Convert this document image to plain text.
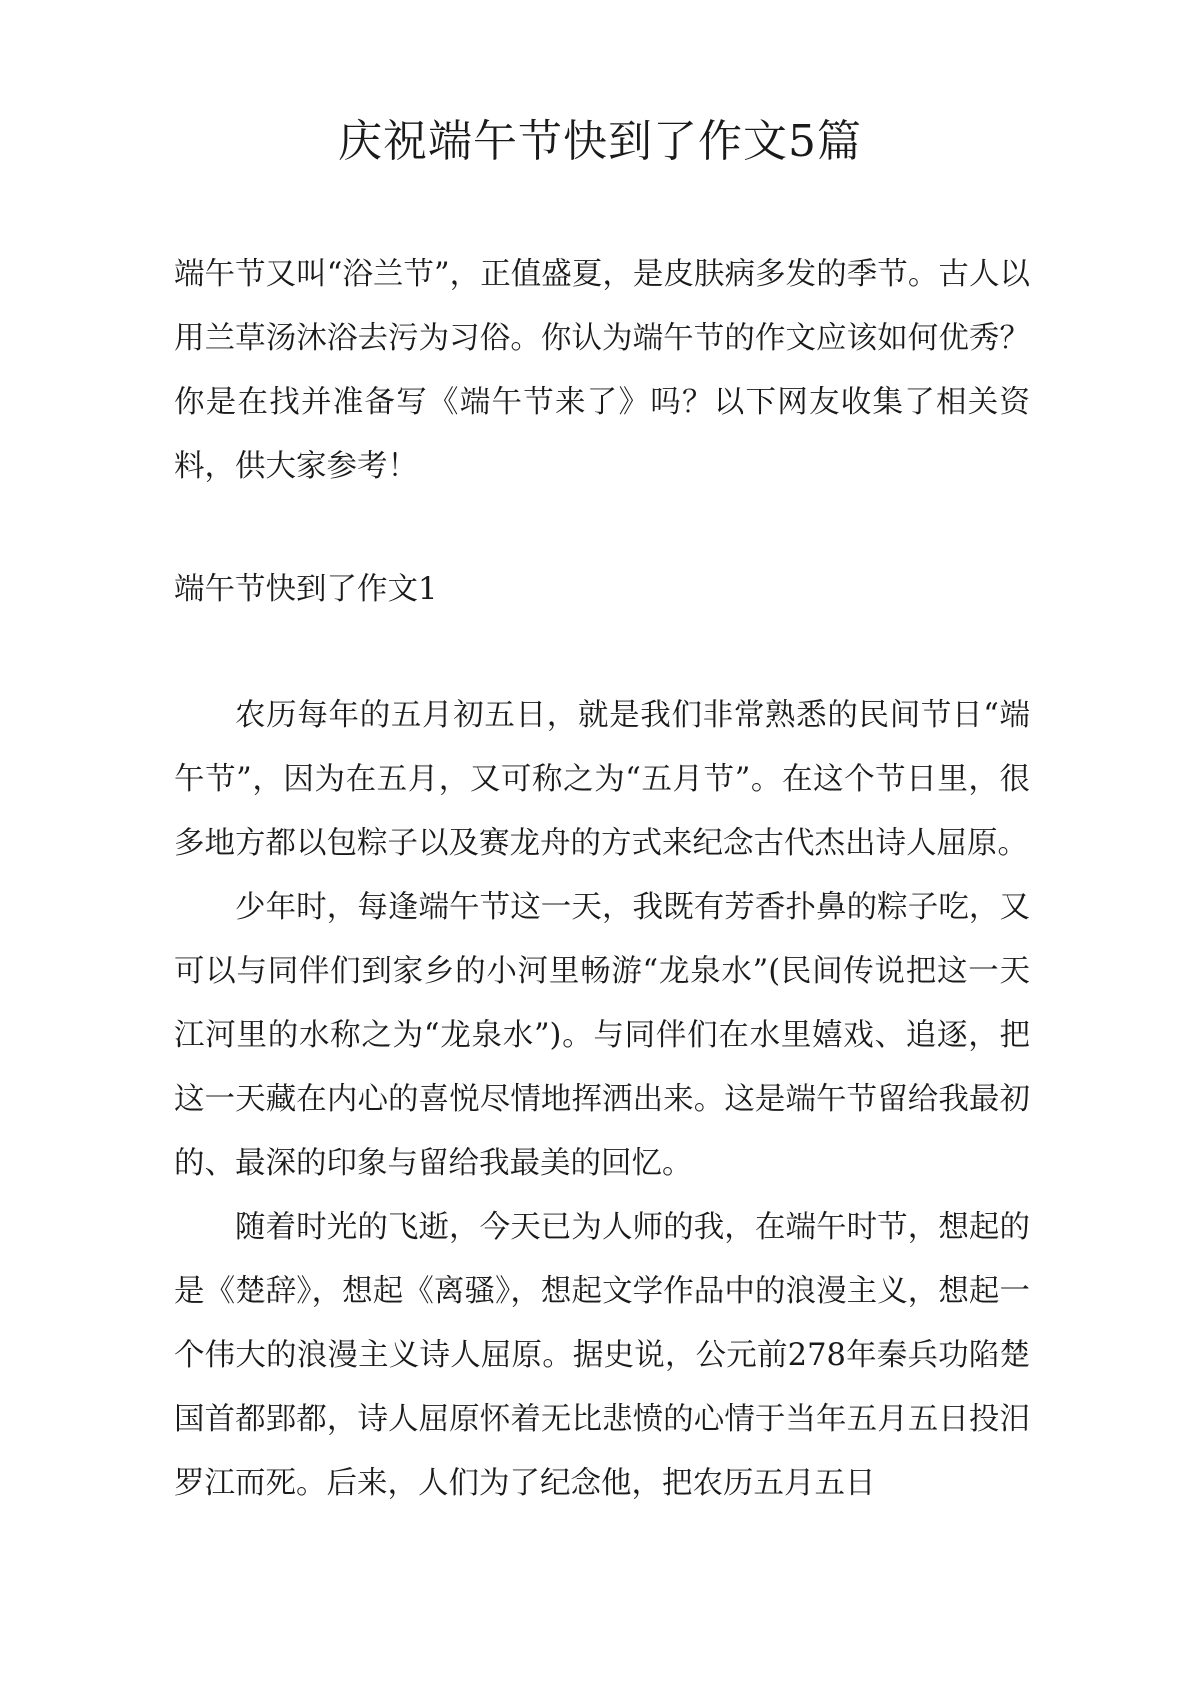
庆祝端午节快到了作文5篇

端午节又叫“浴兰节”，正值盛夏，是皮肤病多发的季节。古人以用兰草汤沐浴去污为习俗。你认为端午节的作文应该如何优秀？你是在找并准备写《端午节来了》吗？以下网友收集了相关资料，供大家参考！

端午节快到了作文1

农历每年的五月初五日，就是我们非常熟悉的民间节日“端午节”，因为在五月，又可称之为“五月节”。在这个节日里，很多地方都以包粽子以及赛龙舟的方式来纪念古代杰出诗人屈原。

少年时，每逢端午节这一天，我既有芳香扑鼻的粽子吃，又可以与同伴们到家乡的小河里畅游“龙泉水”(民间传说把这一天江河里的水称之为“龙泉水”)。与同伴们在水里嬉戏、追逐，把这一天藏在内心的喜悦尽情地挥洒出来。这是端午节留给我最初的、最深的印象与留给我最美的回忆。

随着时光的飞逝，今天已为人师的我，在端午时节，想起的是《楚辞》，想起《离骚》，想起文学作品中的浪漫主义，想起一个伟大的浪漫主义诗人屈原。据史说，公元前278年秦兵功陷楚国首都郢都，诗人屈原怀着无比悲愤的心情于当年五月五日投汨罗江而死。后来，人们为了纪念他，把农历五月五日
